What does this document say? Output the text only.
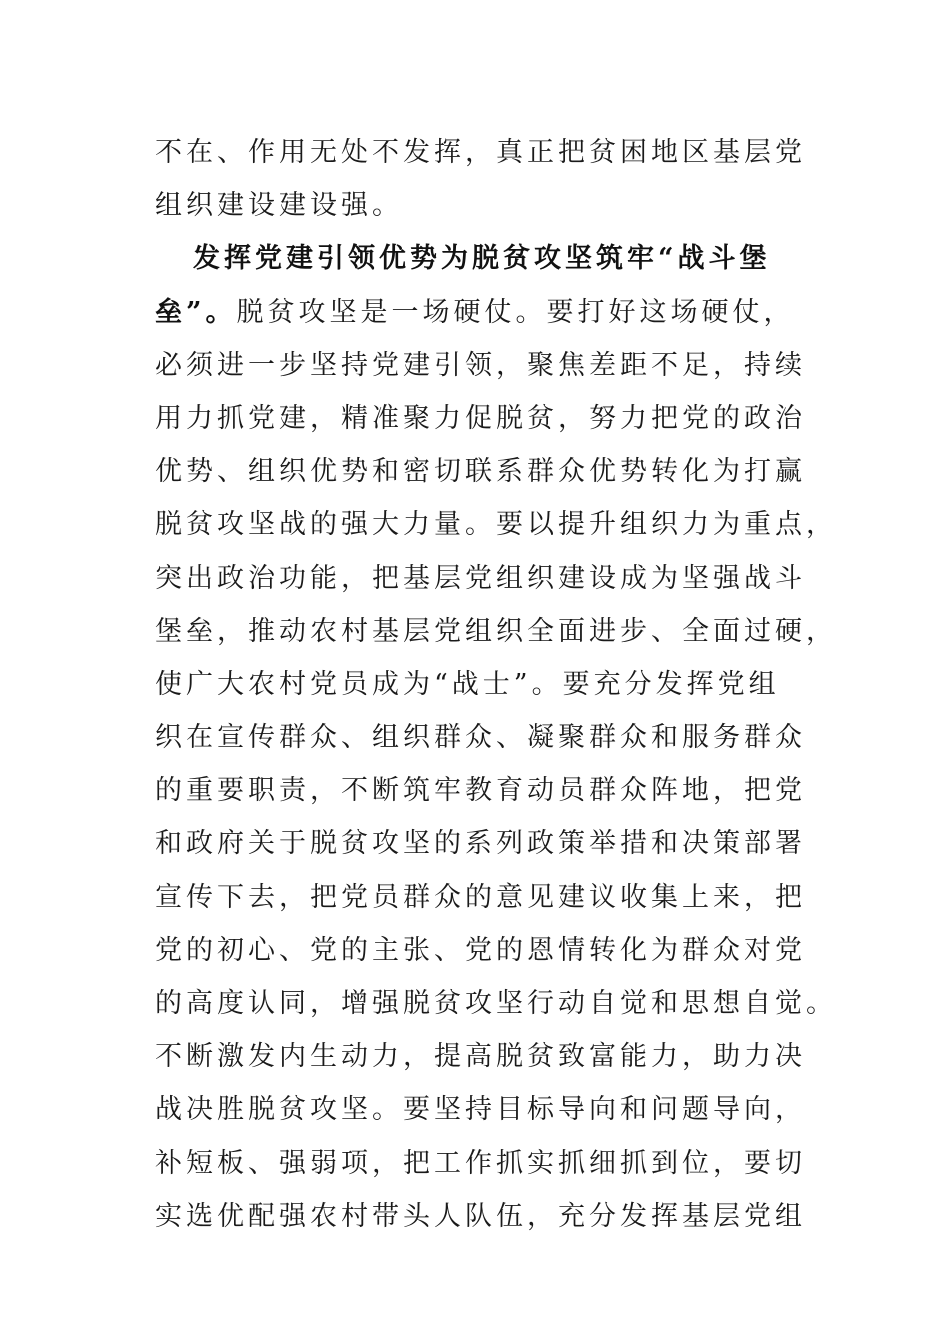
不在、作用无处不发挥，真正把贫困地区基层党
组织建设建设强。
发挥党建引领优势为脱贫攻坚筑牢“战斗堡
垒”。脱贫攻坚是一场硬仗。要打好这场硬仗，
必须进一步坚持党建引领，聚焦差距不足，持续
用力抓党建，精准聚力促脱贫，努力把党的政治
优势、组织优势和密切联系群众优势转化为打赢
脱贫攻坚战的强大力量。要以提升组织力为重点，
突出政治功能，把基层党组织建设成为坚强战斗
堡垒，推动农村基层党组织全面进步、全面过硬，
使广大农村党员成为“战士”。要充分发挥党组
织在宣传群众、组织群众、凝聚群众和服务群众
的重要职责，不断筑牢教育动员群众阵地，把党
和政府关于脱贫攻坚的系列政策举措和决策部署
宣传下去，把党员群众的意见建议收集上来，把
党的初心、党的主张、党的恩情转化为群众对党
的高度认同，增强脱贫攻坚行动自觉和思想自觉。
不断激发内生动力，提高脱贫致富能力，助力决
战决胜脱贫攻坚。要坚持目标导向和问题导向，
补短板、强弱项，把工作抓实抓细抓到位，要切
实选优配强农村带头人队伍，充分发挥基层党组
